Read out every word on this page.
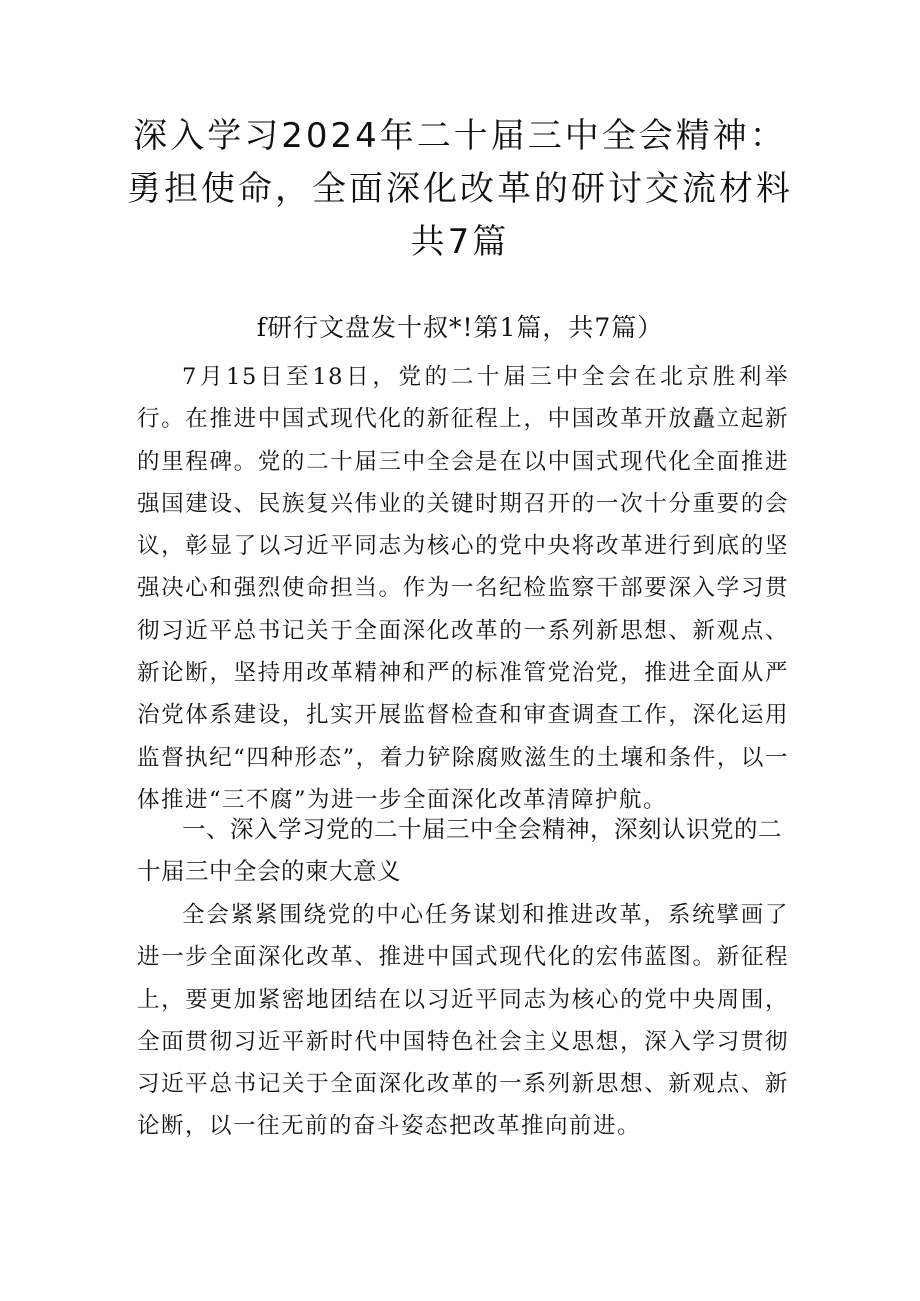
深入学习2024年二十届三中全会精神：勇担使命，全面深化改革的研讨交流材料共7篇

f研行文盘发十叔*!第1篇，共7篇）

7月15日至18日，党的二十届三中全会在北京胜利举行。在推进中国式现代化的新征程上，中国改革开放矗立起新的里程碑。党的二十届三中全会是在以中国式现代化全面推进强国建设、民族复兴伟业的关键时期召开的一次十分重要的会议，彰显了以习近平同志为核心的党中央将改革进行到底的坚强决心和强烈使命担当。作为一名纪检监察干部要深入学习贯彻习近平总书记关于全面深化改革的一系列新思想、新观点、新论断，坚持用改革精神和严的标准管党治党，推进全面从严治党体系建设，扎实开展监督检查和审查调查工作，深化运用监督执纪“四种形态”，着力铲除腐败滋生的土壤和条件，以一体推进“三不腐”为进一步全面深化改革清障护航。

一、深入学习党的二十届三中全会精神，深刻认识党的二十届三中全会的柬大意义

全会紧紧围绕党的中心任务谋划和推进改革，系统擘画了进一步全面深化改革、推进中国式现代化的宏伟蓝图。新征程上，要更加紧密地团结在以习近平同志为核心的党中央周围，全面贯彻习近平新时代中国特色社会主义思想，深入学习贯彻习近平总书记关于全面深化改革的一系列新思想、新观点、新论断，以一往无前的奋斗姿态把改革推向前进。
